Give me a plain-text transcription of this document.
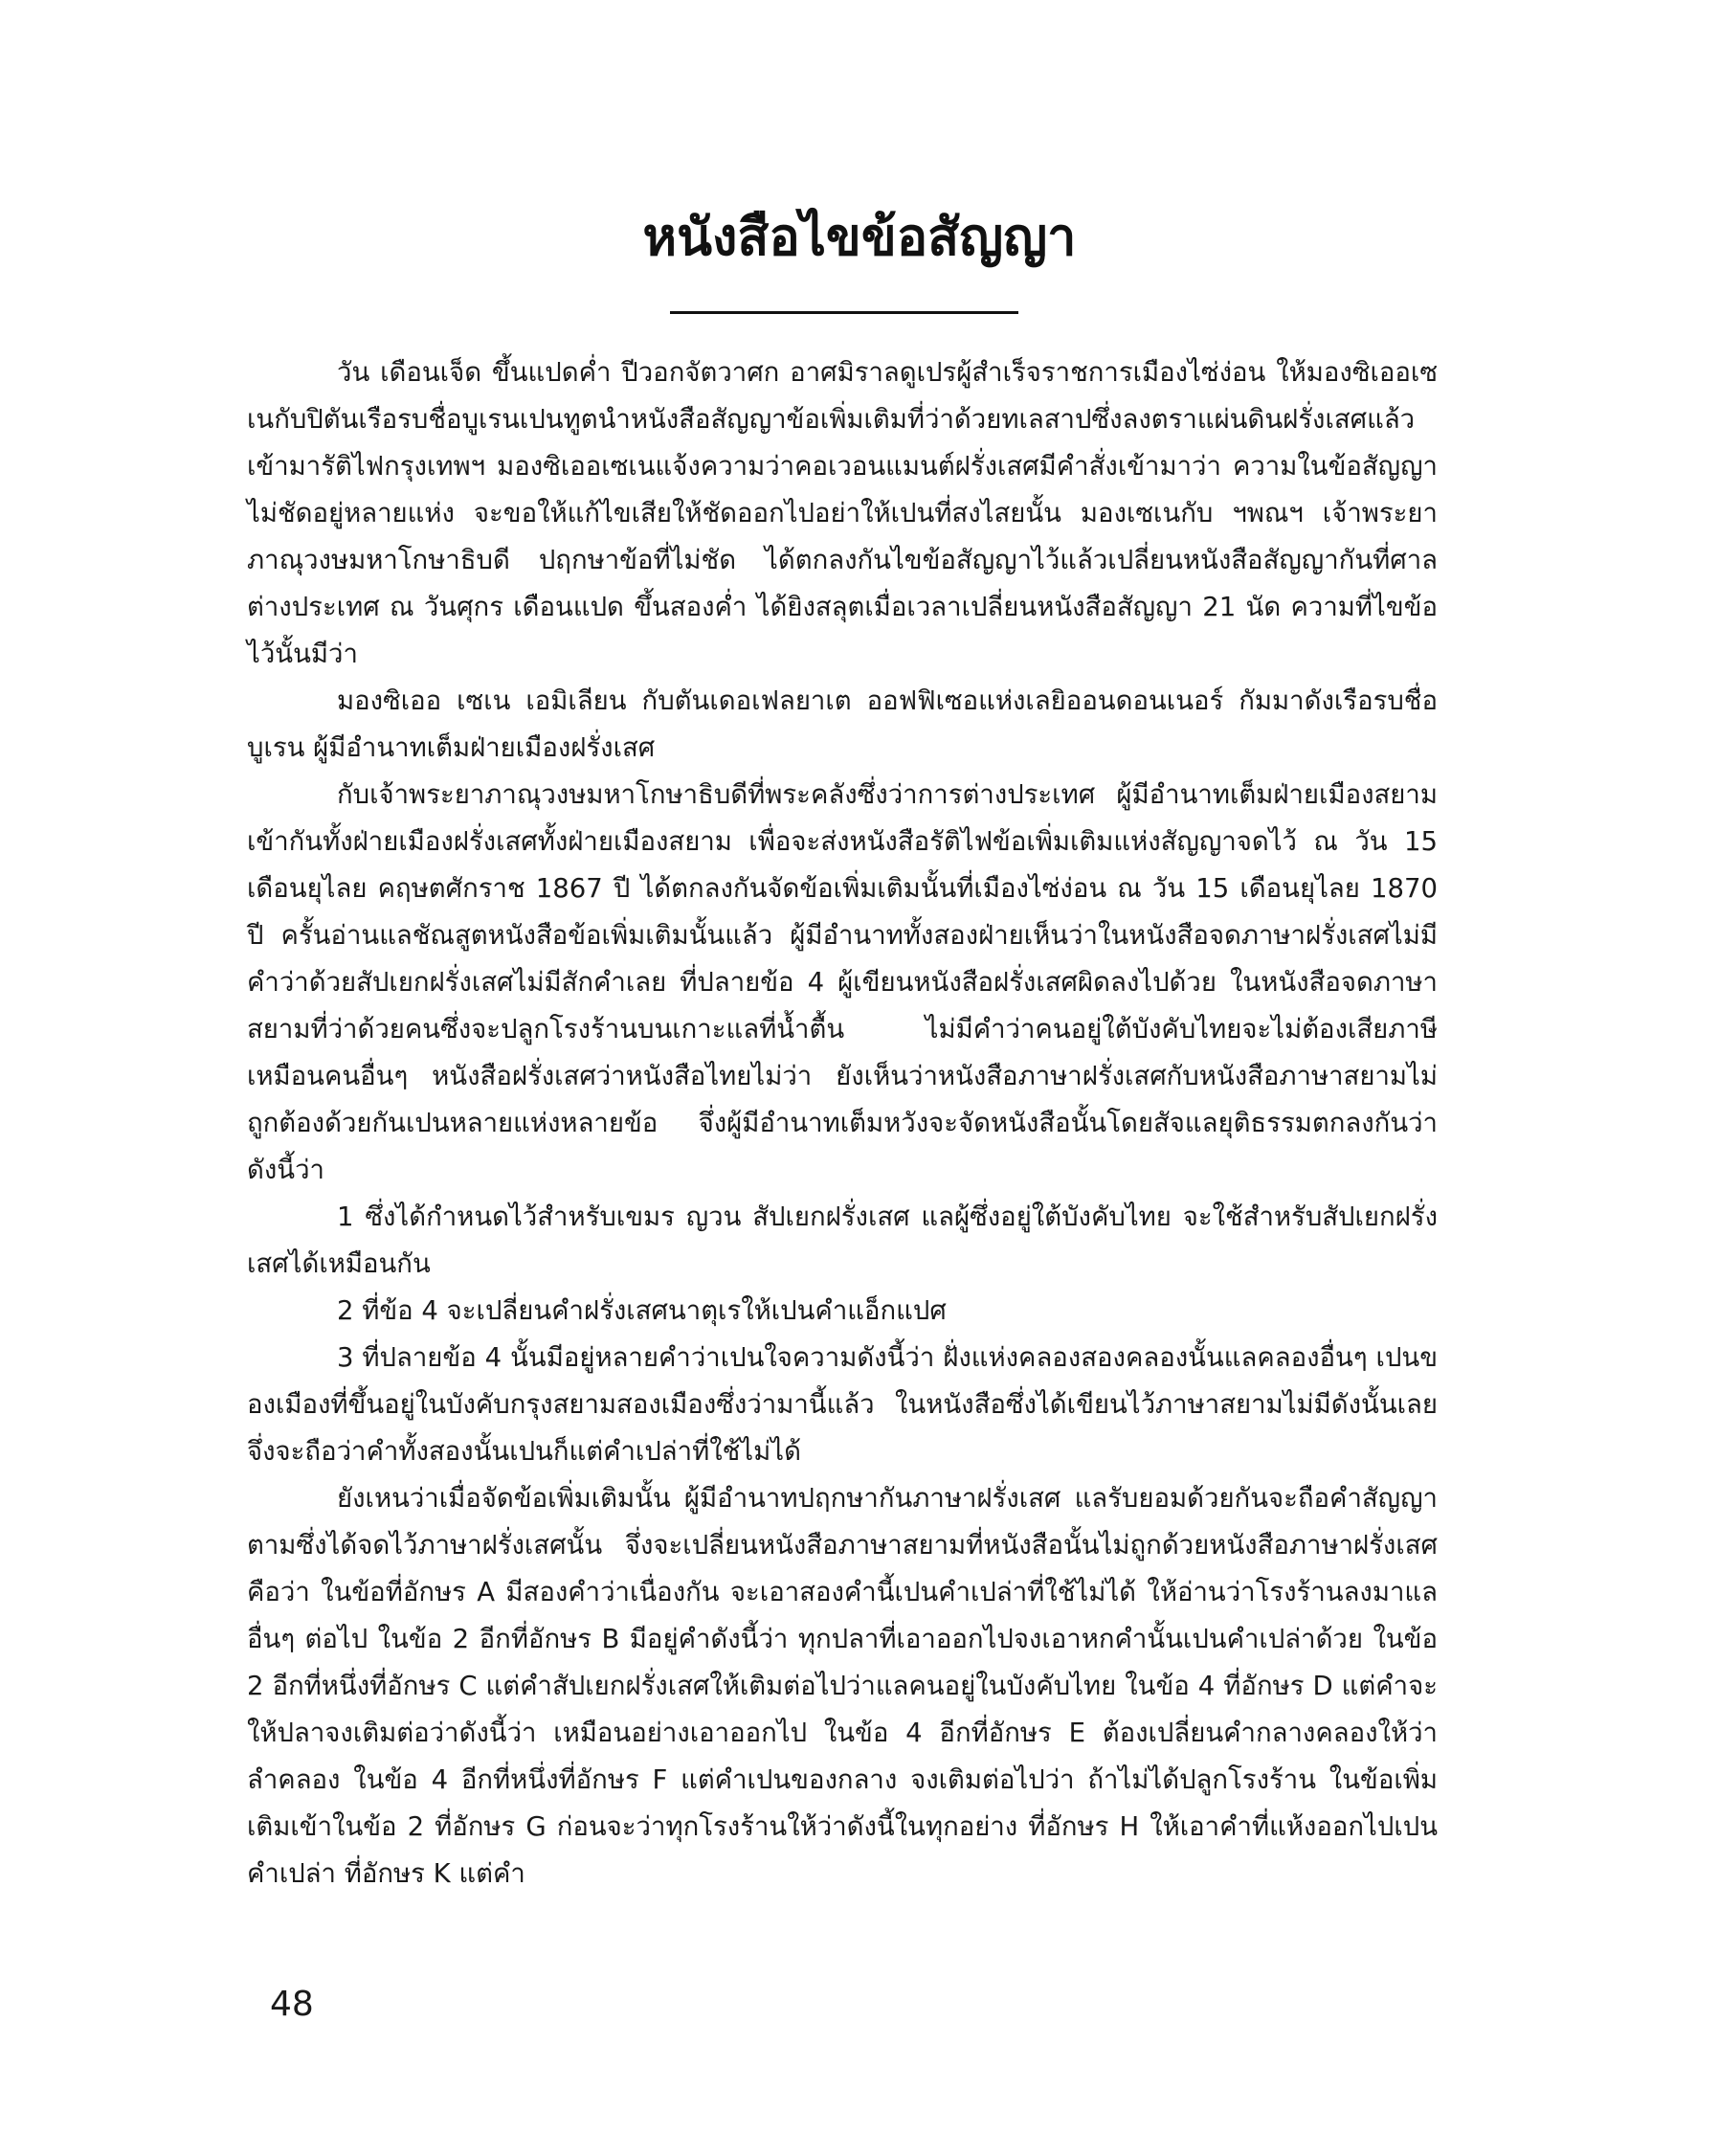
หนังสือไขข้อสัญญา

วัน เดือนเจ็ด ขึ้นแปดค่ำ ปีวอกจัตวาศก อาศมิราลดูเปรผู้สำเร็จราชการเมืองไซ่ง่อน ให้มองซิเออเซเนกับปิตันเรือรบชื่อบูเรนเปนทูตนำหนังสือสัญญาข้อเพิ่มเติมที่ว่าด้วยทเลสาปซึ่งลงตราแผ่นดินฝรั่งเสศแล้ว เข้ามารัติไฟกรุงเทพฯ มองซิเออเซเนแจ้งความว่าคอเวอนแมนต์ฝรั่งเสศมีคำสั่งเข้ามาว่า ความในข้อสัญญาไม่ชัดอยู่หลายแห่ง จะขอให้แก้ไขเสียให้ชัดออกไปอย่าให้เปนที่สงไสยนั้น มองเซเนกับ ฯพณฯ เจ้าพระยาภาณุวงษมหาโกษาธิบดี ปฤกษาข้อที่ไม่ชัด ได้ตกลงกันไขข้อสัญญาไว้แล้วเปลี่ยนหนังสือสัญญากันที่ศาลต่างประเทศ ณ วันศุกร เดือนแปด ขึ้นสองค่ำ ได้ยิงสลุตเมื่อเวลาเปลี่ยนหนังสือสัญญา 21 นัด ความที่ไขข้อไว้นั้นมีว่า

มองซิเออ เซเน เอมิเลียน กับตันเดอเฟลยาเต ออฟฟิเซอแห่งเลยิออนดอนเนอร์ กัมมาดังเรือรบชื่อ บูเรน ผู้มีอำนาทเต็มฝ่ายเมืองฝรั่งเสศ

กับเจ้าพระยาภาณุวงษมหาโกษาธิบดีที่พระคลังซึ่งว่าการต่างประเทศ ผู้มีอำนาทเต็มฝ่ายเมืองสยาม เข้ากันทั้งฝ่ายเมืองฝรั่งเสศทั้งฝ่ายเมืองสยาม เพื่อจะส่งหนังสือรัติไฟข้อเพิ่มเติมแห่งสัญญาจดไว้ ณ วัน 15 เดือนยุไลย คฤษตศักราช 1867 ปี ได้ตกลงกันจัดข้อเพิ่มเติมนั้นที่เมืองไซ่ง่อน ณ วัน 15 เดือนยุไลย 1870 ปี ครั้นอ่านแลชัณสูตหนังสือข้อเพิ่มเติมนั้นแล้ว ผู้มีอำนาททั้งสองฝ่ายเห็นว่าในหนังสือจดภาษาฝรั่งเสศไม่มีคำว่าด้วยสัปเยกฝรั่งเสศไม่มีสักคำเลย ที่ปลายข้อ 4 ผู้เขียนหนังสือฝรั่งเสศผิดลงไปด้วย ในหนังสือจดภาษาสยามที่ว่าด้วยคนซึ่งจะปลูกโรงร้านบนเกาะแลที่น้ำตื้น ไม่มีคำว่าคนอยู่ใต้บังคับไทยจะไม่ต้องเสียภาษีเหมือนคนอื่นๆ หนังสือฝรั่งเสศว่าหนังสือไทยไม่ว่า ยังเห็นว่าหนังสือภาษาฝรั่งเสศกับหนังสือภาษาสยามไม่ถูกต้องด้วยกันเปนหลายแห่งหลายข้อ จึ่งผู้มีอำนาทเต็มหวังจะจัดหนังสือนั้นโดยสัจแลยุติธรรมตกลงกันว่าดังนี้ว่า

1 ซึ่งได้กำหนดไว้สำหรับเขมร ญวน สัปเยกฝรั่งเสศ แลผู้ซึ่งอยู่ใต้บังคับไทย จะใช้สำหรับสัปเยกฝรั่งเสศได้เหมือนกัน

2 ที่ข้อ 4 จะเปลี่ยนคำฝรั่งเสศนาตุเรให้เปนคำแอ็กแปศ

3 ที่ปลายข้อ 4 นั้นมีอยู่หลายคำว่าเปนใจความดังนี้ว่า ฝั่งแห่งคลองสองคลองนั้นแลคลองอื่นๆ เปนของเมืองที่ขึ้นอยู่ในบังคับกรุงสยามสองเมืองซึ่งว่ามานี้แล้ว ในหนังสือซึ่งได้เขียนไว้ภาษาสยามไม่มีดังนั้นเลย จึ่งจะถือว่าคำทั้งสองนั้นเปนก็แต่คำเปล่าที่ใช้ไม่ได้

ยังเหนว่าเมื่อจัดข้อเพิ่มเติมนั้น ผู้มีอำนาทปฤกษากันภาษาฝรั่งเสศ แลรับยอมด้วยกันจะถือคำสัญญาตามซึ่งได้จดไว้ภาษาฝรั่งเสศนั้น จึ่งจะเปลี่ยนหนังสือภาษาสยามที่หนังสือนั้นไม่ถูกด้วยหนังสือภาษาฝรั่งเสศคือว่า ในข้อที่อักษร A มีสองคำว่าเนื่องกัน จะเอาสองคำนี้เปนคำเปล่าที่ใช้ไม่ได้ ให้อ่านว่าโรงร้านลงมาแลอื่นๆ ต่อไป ในข้อ 2 อีกที่อักษร B มีอยู่คำดังนี้ว่า ทุกปลาที่เอาออกไปจงเอาหกคำนั้นเปนคำเปล่าด้วย ในข้อ 2 อีกที่หนึ่งที่อักษร C แต่คำสัปเยกฝรั่งเสศให้เติมต่อไปว่าแลคนอยู่ในบังคับไทย ในข้อ 4 ที่อักษร D แต่คำจะให้ปลาจงเติมต่อว่าดังนี้ว่า เหมือนอย่างเอาออกไป ในข้อ 4 อีกที่อักษร E ต้องเปลี่ยนคำกลางคลองให้ว่าลำคลอง ในข้อ 4 อีกที่หนึ่งที่อักษร F แต่คำเปนของกลาง จงเติมต่อไปว่า ถ้าไม่ได้ปลูกโรงร้าน ในข้อเพิ่มเติมเข้าในข้อ 2 ที่อักษร G ก่อนจะว่าทุกโรงร้านให้ว่าดังนี้ในทุกอย่าง ที่อักษร H ให้เอาคำที่แห้งออกไปเปนคำเปล่า ที่อักษร K แต่คำ

48
